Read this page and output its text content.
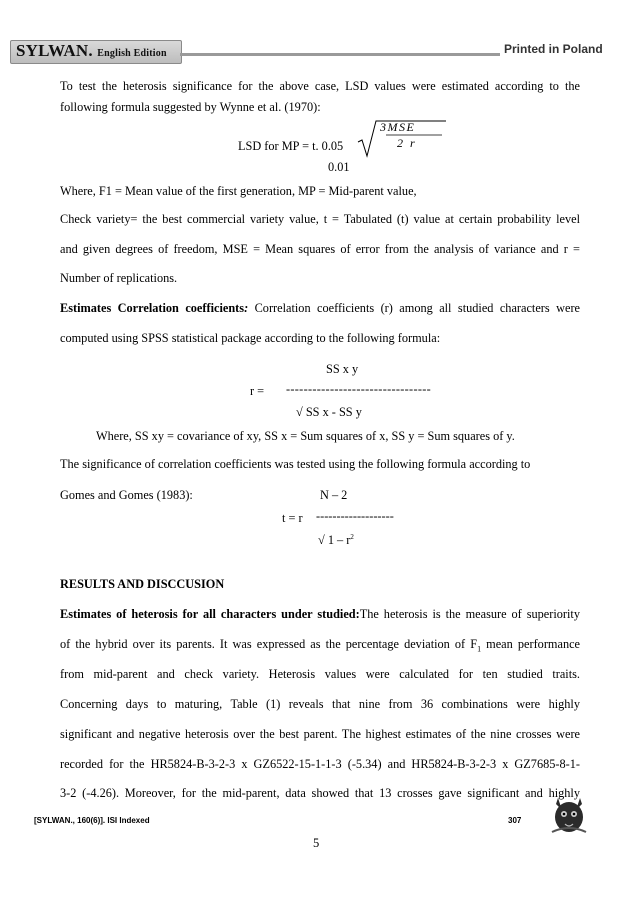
SYLWAN. English Edition	Printed in Poland
To test the heterosis significance for the above case, LSD values were estimated according to the
following formula suggested by Wynne et al. (1970):
LSD for MP = t. 0.05
3MSE
2 r
0.01
Where, F1 = Mean value of the first generation, MP = Mid-parent value,
Check variety= the best commercial variety value, t = Tabulated (t) value at certain probability level
and given degrees of freedom, MSE = Mean squares of error from the analysis of variance and r =
Number of replications.
Estimates Correlation coefficients: Correlation coefficients (r) among all studied characters were
computed using SPSS statistical package according to the following formula:
SS x y
r = ---------------------------------
√ SS x - SS y
Where, SS xy = covariance of xy, SS x = Sum squares of x, SS y = Sum squares of y.
The significance of correlation coefficients was tested using the following formula according to
Gomes and Gomes (1983):	N – 2
t = r -------------------
√ $1 - r^2$
RESULTS AND DISCCUSION
Estimates of heterosis for all characters under studied:The heterosis is the measure of superiority
of the hybrid over its parents. It was expressed as the percentage deviation of $F_1$ mean performance
from mid-parent and check variety. Heterosis values were calculated for ten studied traits.
Concerning days to maturing, Table (1) reveals that nine from 36 combinations were highly
significant and negative heterosis over the best parent. The highest estimates of the nine crosses were
recorded for the HR5824-B-3-2-3 x GZ6522-15-1-1-3 (-5.34) and HR5824-B-3-2-3 x GZ7685-8-1-
3-2 (-4.26). Moreover, for the mid-parent, data showed that 13 crosses gave significant and highly
[SYLWAN., 160(6)]. ISI Indexed	307
5
